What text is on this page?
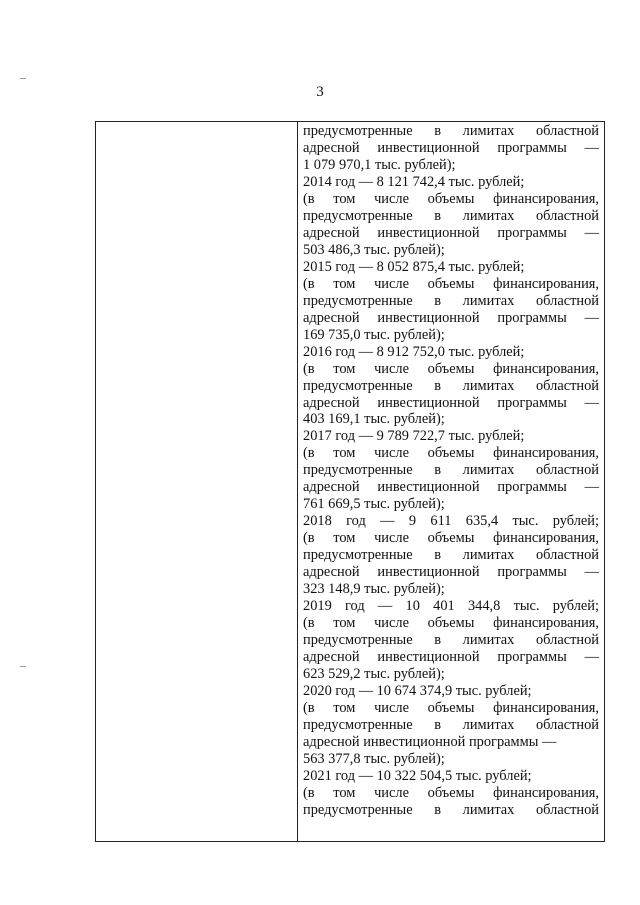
3
предусмотренные в лимитах областной
адресной инвестиционной программы —
1 079 970,1 тыс. рублей);
2014 год — 8 121 742,4 тыс. рублей;
(в том числе объемы финансирования,
предусмотренные в лимитах областной
адресной инвестиционной программы —
503 486,3 тыс. рублей);
2015 год — 8 052 875,4 тыс. рублей;
(в том числе объемы финансирования,
предусмотренные в лимитах областной
адресной инвестиционной программы —
169 735,0 тыс. рублей);
2016 год — 8 912 752,0 тыс. рублей;
(в том числе объемы финансирования,
предусмотренные в лимитах областной
адресной инвестиционной программы —
403 169,1 тыс. рублей);
2017 год — 9 789 722,7 тыс. рублей;
(в том числе объемы финансирования,
предусмотренные в лимитах областной
адресной инвестиционной программы —
761 669,5 тыс. рублей);
2018 год — 9 611 635,4 тыс. рублей;
(в том числе объемы финансирования,
предусмотренные в лимитах областной
адресной инвестиционной программы —
323 148,9 тыс. рублей);
2019 год — 10 401 344,8 тыс. рублей;
(в том числе объемы финансирования,
предусмотренные в лимитах областной
адресной инвестиционной программы —
623 529,2 тыс. рублей);
2020 год — 10 674 374,9 тыс. рублей;
(в том числе объемы финансирования,
предусмотренные в лимитах областной
адресной инвестиционной программы —
563 377,8 тыс. рублей);
2021 год — 10 322 504,5 тыс. рублей;
(в том числе объемы финансирования,
предусмотренные в лимитах областной
